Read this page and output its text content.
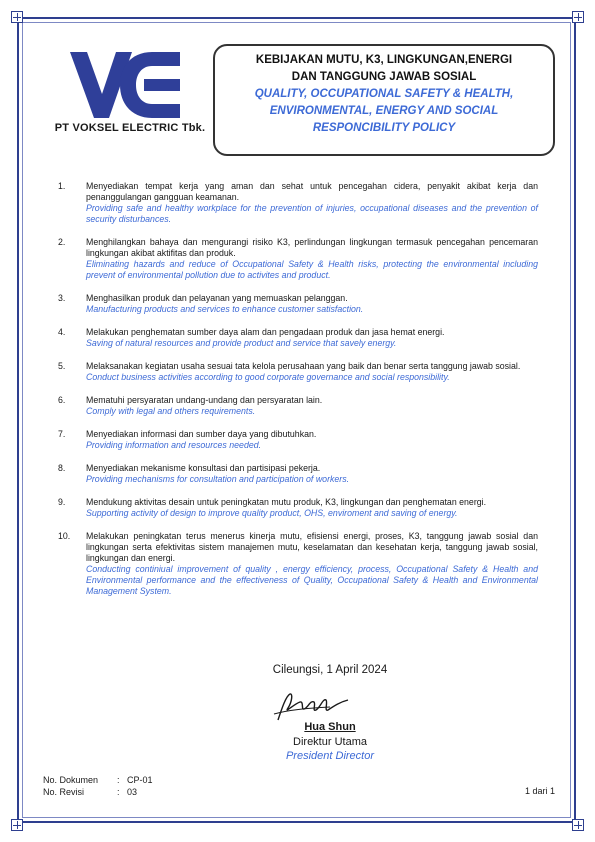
PT VOKSEL ELECTRIC Tbk.
KEBIJAKAN MUTU, K3, LINGKUNGAN,ENERGI
DAN TANGGUNG JAWAB SOSIAL
QUALITY, OCCUPATIONAL SAFETY & HEALTH,
ENVIRONMENTAL, ENERGY AND SOCIAL
RESPONCIBILITY POLICY
1.	Menyediakan tempat kerja yang aman dan sehat untuk pencegahan cidera, penyakit akibat kerja dan penanggulangan gangguan keamanan.
Providing safe and healthy workplace for the prevention of injuries, occupational diseases and the prevention of security disturbances.
2.	Menghilangkan bahaya dan mengurangi risiko K3, perlindungan lingkungan termasuk pencegahan pencemaran lingkungan akibat aktifitas dan produk.
Eliminating hazards and reduce of Occupational Safety & Health risks, protecting the environmental including prevent of environmental pollution due to activites and product.
3.	Menghasilkan produk dan pelayanan yang memuaskan pelanggan.
Manufacturing products and services to enhance customer satisfaction.
4.	Melakukan penghematan sumber daya alam dan pengadaan produk dan jasa hemat energi.
Saving of natural resources and provide product and service that savely energy.
5.	Melaksanakan kegiatan usaha sesuai tata kelola perusahaan yang baik dan benar serta tanggung jawab sosial.
Conduct business activities according to good corporate governance and social responsibility.
6.	Mematuhi persyaratan undang-undang dan persyaratan lain.
Comply with legal and others requirements.
7.	Menyediakan informasi dan sumber daya yang dibutuhkan.
Providing information and resources needed.
8.	Menyediakan mekanisme konsultasi dan partisipasi pekerja.
Providing mechanisms for consultation and participation of workers.
9.	Mendukung aktivitas desain untuk peningkatan mutu produk, K3, lingkungan dan penghematan energi.
Supporting activity of design to improve quality product, OHS, enviroment and saving of energy.
10.	Melakukan peningkatan terus menerus kinerja mutu, efisiensi energi, proses, K3, tanggung jawab sosial dan lingkungan serta efektivitas sistem manajemen mutu, keselamatan dan kesehatan kerja, tanggung jawab sosial, lingkungan dan energi.
Conducting continiual improvement of quality , energy efficiency, process, Occupational Safety & Health and Environmental performance and the effectiveness of Quality, Occupational Safety & Health and Environmental Management System.
Cileungsi, 1 April 2024
Hua Shun
Direktur Utama
President Director
No. Dokumen	: CP-01
No. Revisi	: 03	1 dari 1
